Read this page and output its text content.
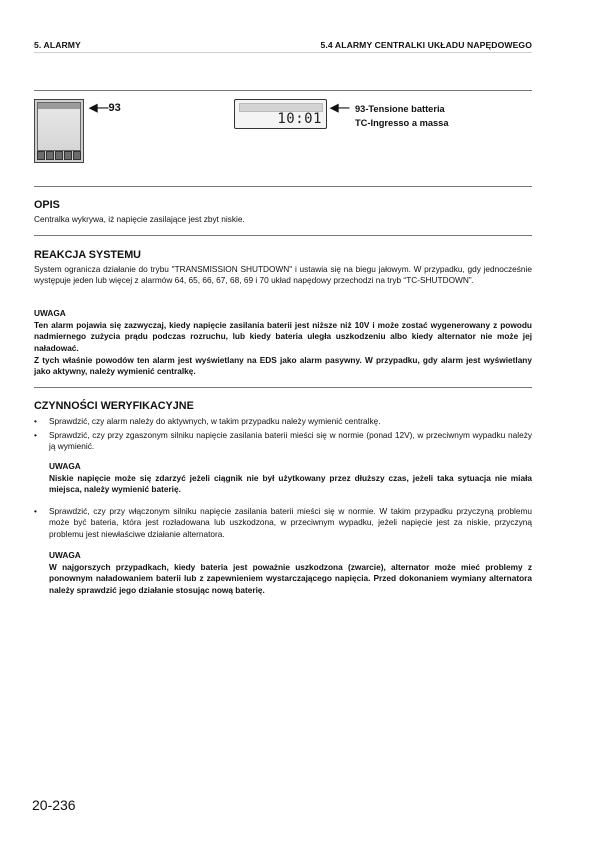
5. ALARMY	5.4 ALARMY CENTRALKI UKŁADU NAPĘDOWEGO
◀—93
10:01
◀— 93-Tensione batteria
TC-Ingresso a massa
OPIS
Centralka wykrywa, iż napięcie zasilające jest zbyt niskie.
REAKCJA SYSTEMU
System ogranicza działanie do trybu "TRANSMISSION SHUTDOWN" i ustawia się na biegu jałowym. W przypadku, gdy jednocześnie występuje jeden lub więcej z alarmów 64, 65, 66, 67, 68, 69 i 70 układ napędowy przechodzi na tryb “TC-SHUTDOWN”.
UWAGA
Ten alarm pojawia się zazwyczaj, kiedy napięcie zasilania baterii jest niższe niż 10V i może zostać wygenerowany z powodu nadmiernego zużycia prądu podczas rozruchu, lub kiedy bateria uległa uszkodzeniu albo kiedy alternator nie może jej naładować.
Z tych właśnie powodów ten alarm jest wyświetlany na EDS jako alarm pasywny. W przypadku, gdy alarm jest wyświetlany jako aktywny, należy wymienić centralkę.
CZYNNOŚCI WERYFIKACYJNE
• Sprawdzić, czy alarm należy do aktywnych, w takim przypadku należy wymienić centralkę.
• Sprawdzić, czy przy zgaszonym silniku napięcie zasilania baterii mieści się w normie (ponad 12V), w przeciwnym wypadku należy ją wymienić.
UWAGA
Niskie napięcie może się zdarzyć jeżeli ciągnik nie był użytkowany przez dłuższy czas, jeżeli taka sytuacja nie miała miejsca, należy wymienić baterię.
• Sprawdzić, czy przy włączonym silniku napięcie zasilania baterii mieści się w normie. W takim przypadku przyczyną problemu może być bateria, która jest rozładowana lub uszkodzona, w przeciwnym wypadku, jeżeli napięcie jest za niskie, przyczyną problemu jest niewłaściwe działanie alternatora.
UWAGA
W najgorszych przypadkach, kiedy bateria jest poważnie uszkodzona (zwarcie), alternator może mieć problemy z ponownym naładowaniem baterii lub z zapewnieniem wystarczającego napięcia. Przed dokonaniem wymiany alternatora należy sprawdzić jego działanie stosując nową baterię.
20-236
